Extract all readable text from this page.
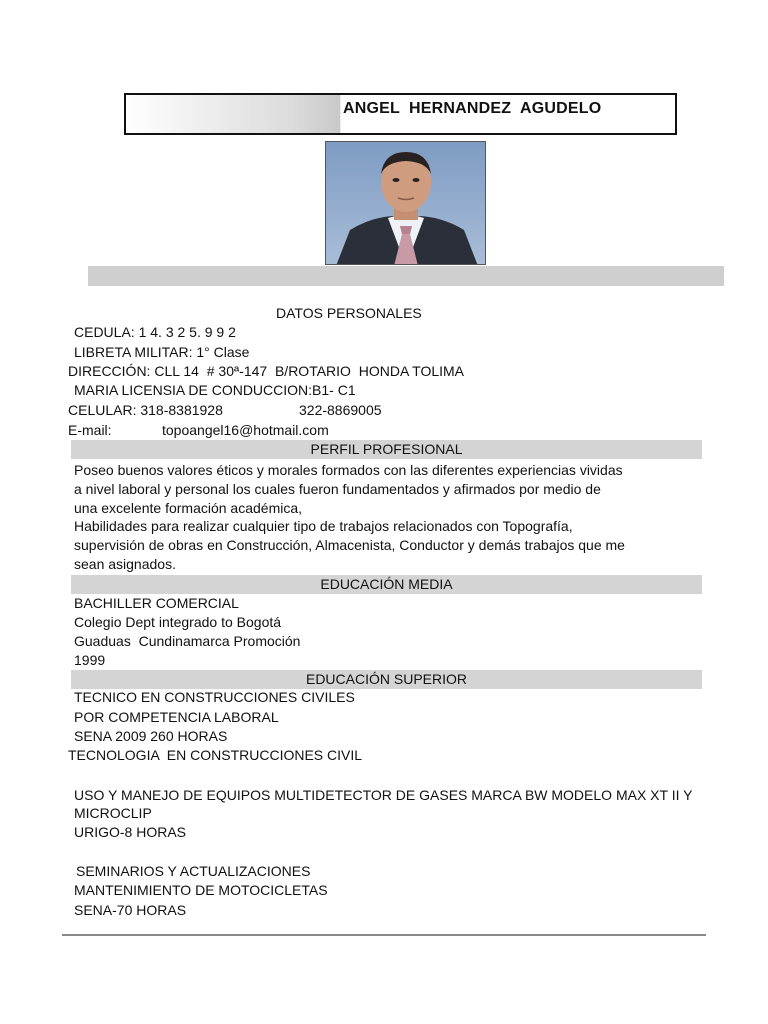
ANGEL  HERNANDEZ  AGUDELO
DATOS PERSONALES
CEDULA: 1 4. 3 2 5. 9 9 2
LIBRETA MILITAR: 1° Clase
DIRECCIÓN: CLL 14  # 30ª-147  B/ROTARIO  HONDA TOLIMA
MARIA LICENSIA DE CONDUCCION:B1- C1
CELULAR: 318-8381928	322-8869005
E-mail:	topoangel16@hotmail.com
PERFIL PROFESIONAL
Poseo buenos valores éticos y morales formados con las diferentes experiencias vividas
a nivel laboral y personal los cuales fueron fundamentados y afirmados por medio de
una excelente formación académica,
Habilidades para realizar cualquier tipo de trabajos relacionados con Topografía,
supervisión de obras en Construcción, Almacenista, Conductor y demás trabajos que me
sean asignados.
EDUCACIÓN MEDIA
BACHILLER COMERCIAL
Colegio Dept integrado to Bogotá
Guaduas  Cundinamarca Promoción
1999
EDUCACIÓN SUPERIOR
TECNICO EN CONSTRUCCIONES CIVILES
POR COMPETENCIA LABORAL
SENA 2009 260 HORAS
TECNOLOGIA  EN CONSTRUCCIONES CIVIL
USO Y MANEJO DE EQUIPOS MULTIDETECTOR DE GASES MARCA BW MODELO MAX XT II Y
MICROCLIP
URIGO-8 HORAS
SEMINARIOS Y ACTUALIZACIONES
MANTENIMIENTO DE MOTOCICLETAS
SENA-70 HORAS
